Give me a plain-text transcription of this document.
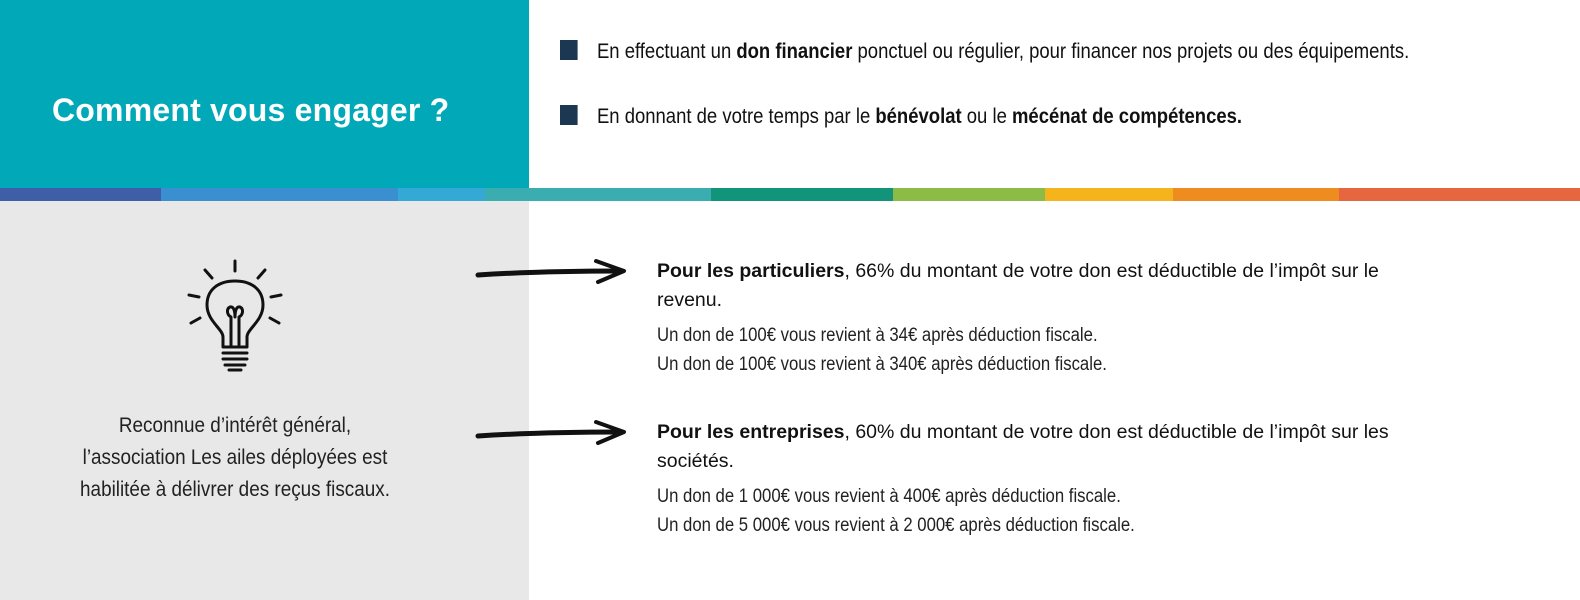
Comment vous engager ?
En effectuant un don financier ponctuel ou régulier, pour financer nos projets ou des équipements.
En donnant de votre temps par le bénévolat ou le mécénat de compétences.
Reconnue d’intérêt général,
l’association Les ailes déployées est
habilitée à délivrer des reçus fiscaux.
Pour les particuliers, 66% du montant de votre don est déductible de l’impôt sur le revenu.
Un don de 100€ vous revient à 34€ après déduction fiscale.
Un don de 100€ vous revient à 340€ après déduction fiscale.
Pour les entreprises, 60% du montant de votre don est déductible de l’impôt sur les sociétés.
Un don de 1 000€ vous revient à 400€ après déduction fiscale.
Un don de 5 000€ vous revient à 2 000€ après déduction fiscale.
